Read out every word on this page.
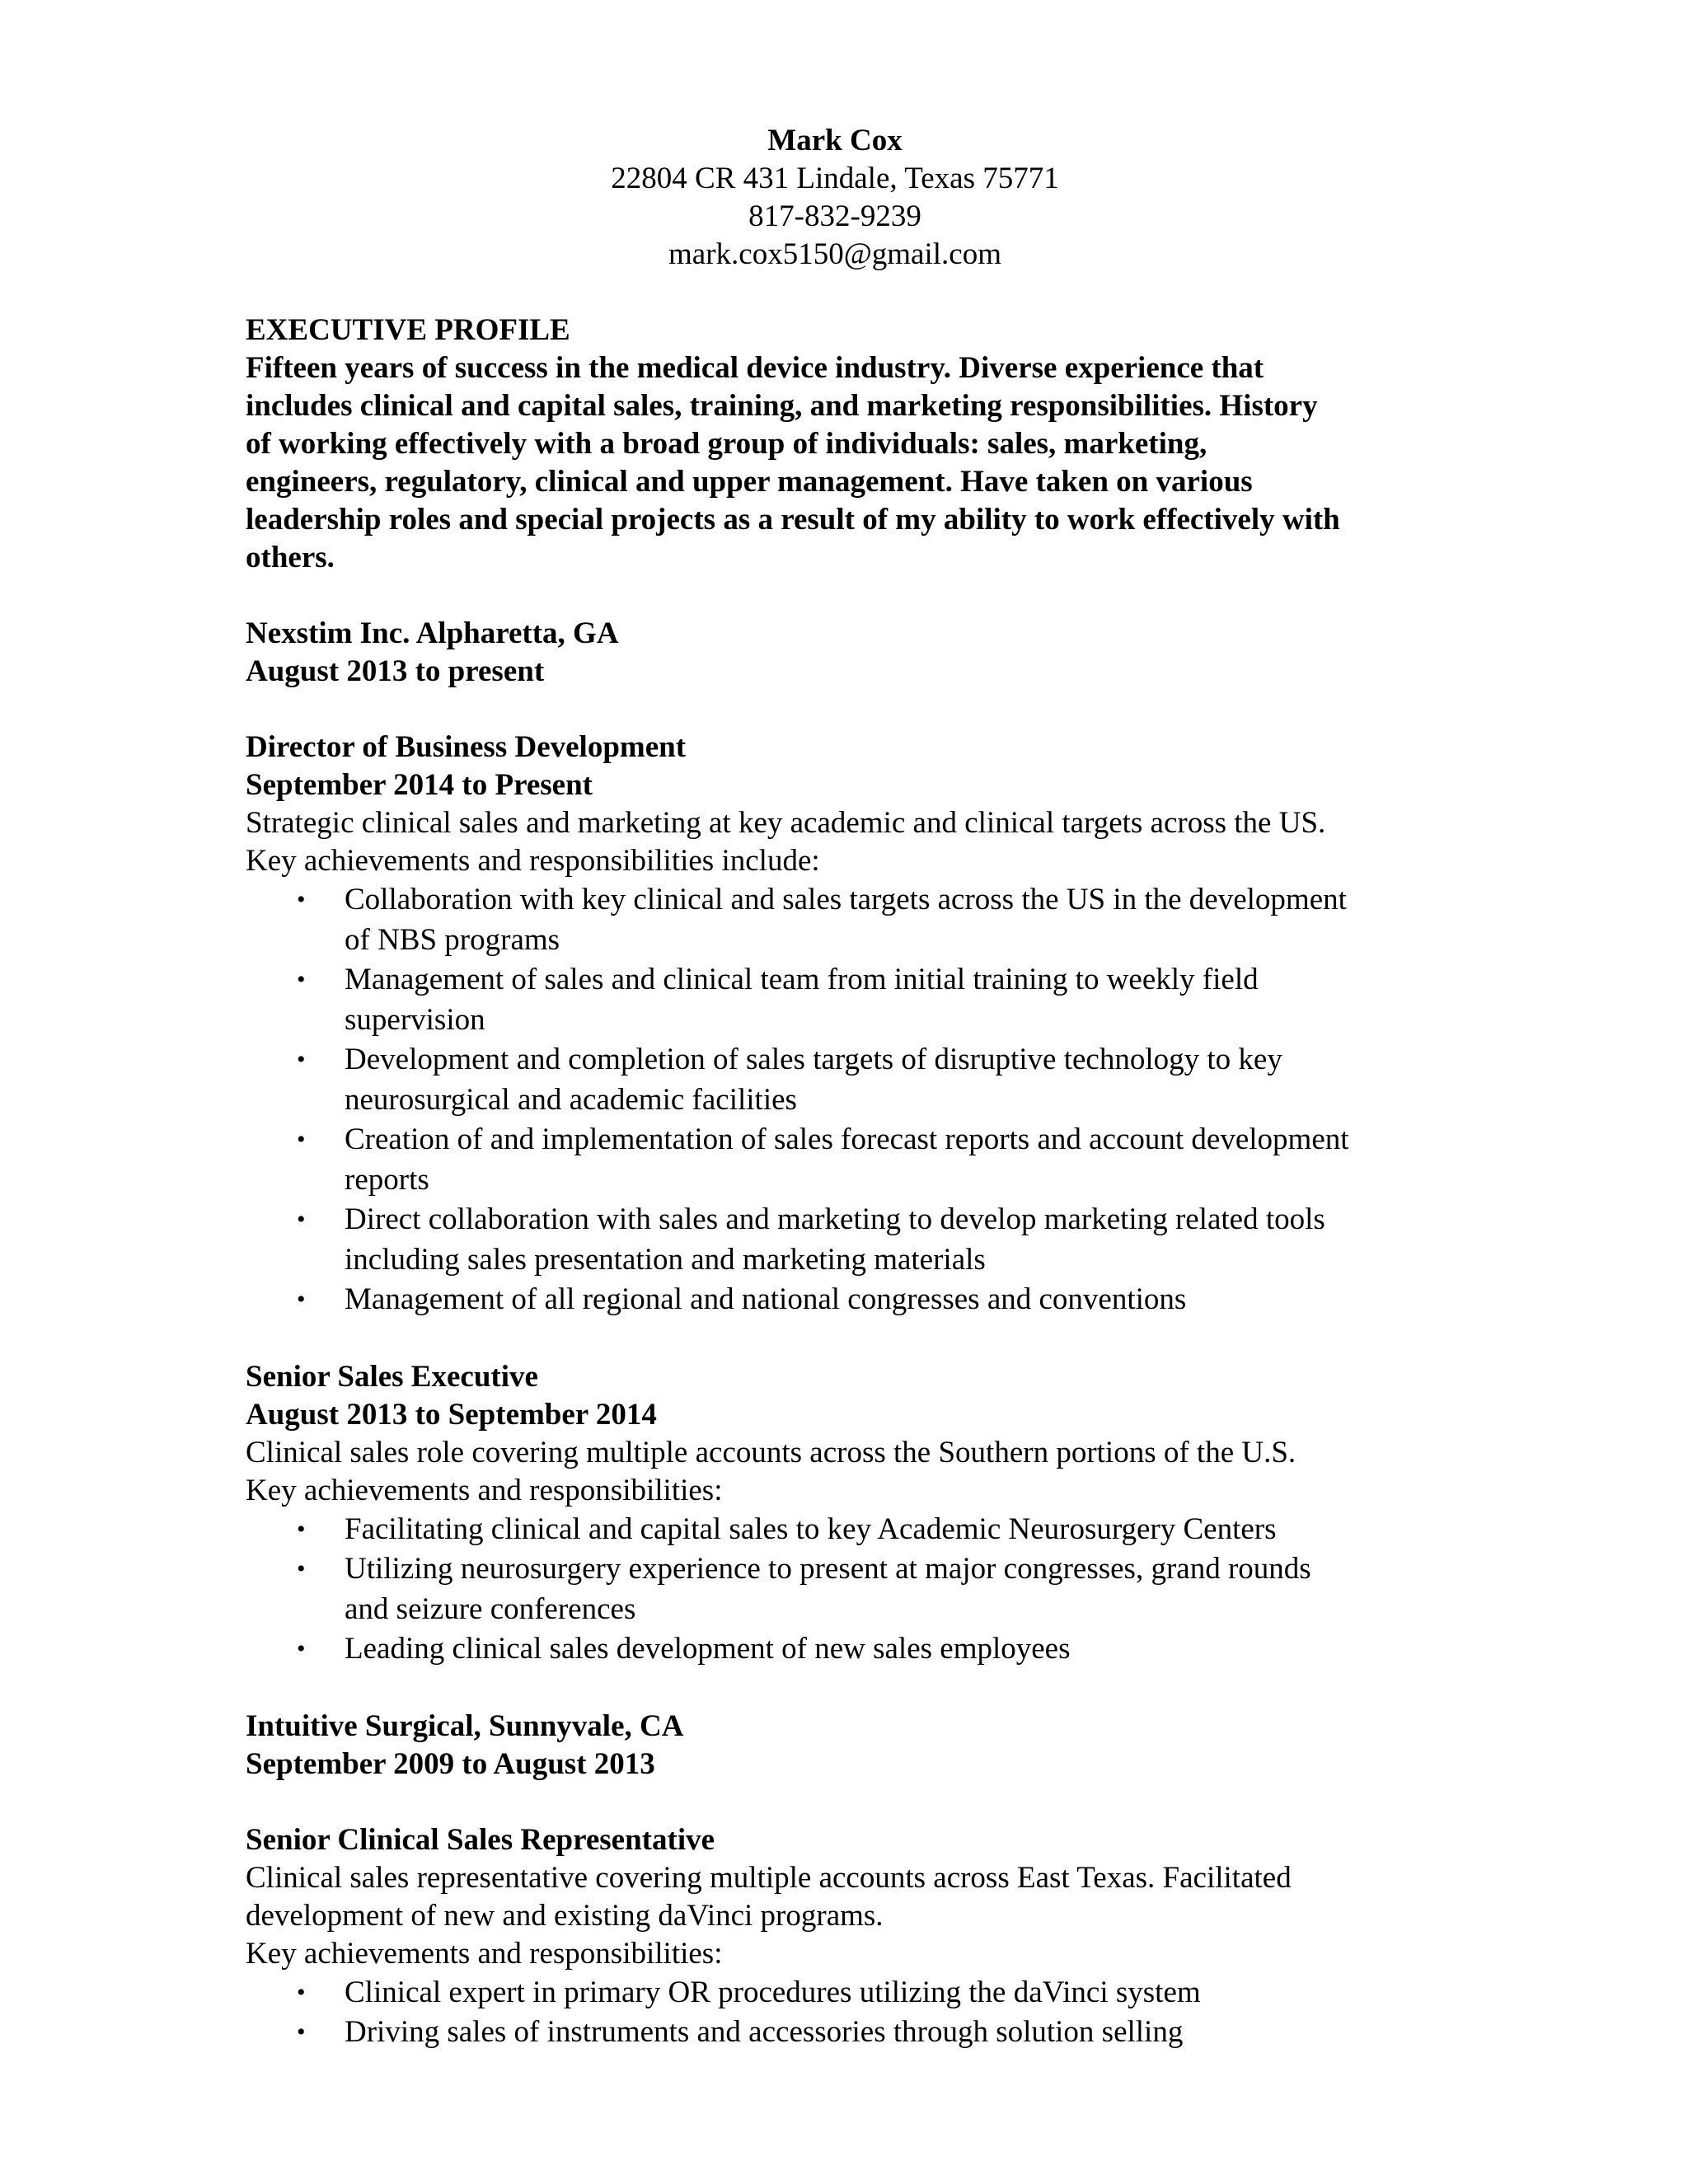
Mark Cox
22804 CR 431 Lindale, Texas 75771
817-832-9239
mark.cox5150@gmail.com
EXECUTIVE PROFILE
Fifteen years of success in the medical device industry. Diverse experience that
includes clinical and capital sales, training, and marketing responsibilities. History
of working effectively with a broad group of individuals: sales, marketing,
engineers, regulatory, clinical and upper management. Have taken on various
leadership roles and special projects as a result of my ability to work effectively with
others.
Nexstim Inc. Alpharetta, GA
August 2013 to present
Director of Business Development
September 2014 to Present
Strategic clinical sales and marketing at key academic and clinical targets across the US.
Key achievements and responsibilities include:
• Collaboration with key clinical and sales targets across the US in the development
of NBS programs
• Management of sales and clinical team from initial training to weekly field
supervision
• Development and completion of sales targets of disruptive technology to key
neurosurgical and academic facilities
• Creation of and implementation of sales forecast reports and account development
reports
• Direct collaboration with sales and marketing to develop marketing related tools
including sales presentation and marketing materials
• Management of all regional and national congresses and conventions
Senior Sales Executive
August 2013 to September 2014
Clinical sales role covering multiple accounts across the Southern portions of the U.S.
Key achievements and responsibilities:
• Facilitating clinical and capital sales to key Academic Neurosurgery Centers
• Utilizing neurosurgery experience to present at major congresses, grand rounds
and seizure conferences
• Leading clinical sales development of new sales employees
Intuitive Surgical, Sunnyvale, CA
September 2009 to August 2013
Senior Clinical Sales Representative
Clinical sales representative covering multiple accounts across East Texas. Facilitated
development of new and existing daVinci programs.
Key achievements and responsibilities:
• Clinical expert in primary OR procedures utilizing the daVinci system
• Driving sales of instruments and accessories through solution selling
